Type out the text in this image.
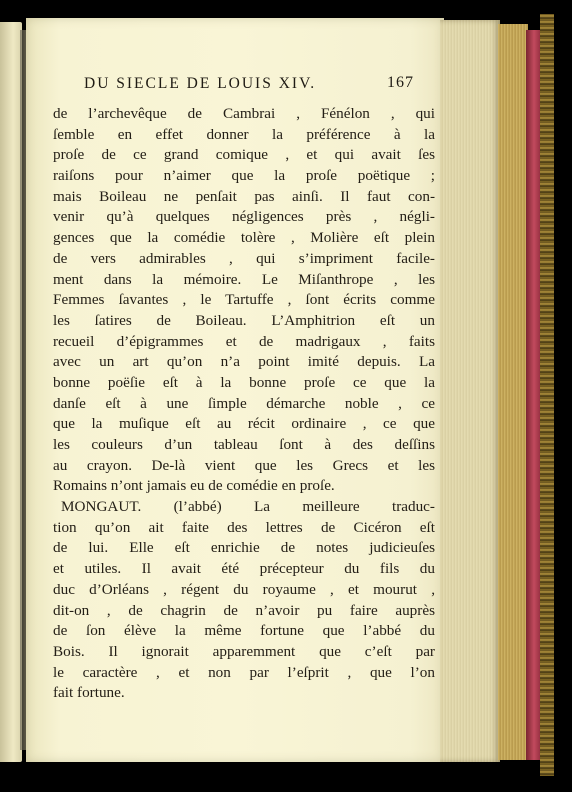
DU SIECLE DE LOUIS XIV.	167
de l’archevêque de Cambrai , Fénélon , qui
ſemble en effet donner la préférence à la
proſe de ce grand comique , et qui avait ſes
raiſons pour n’aimer que la proſe poëtique ;
mais Boileau ne penſait pas ainſi. Il faut con-
venir qu’à quelques négligences près , négli-
gences que la comédie tolère , Molière eſt plein
de vers admirables , qui s’impriment facile-
ment dans la mémoire. Le Miſanthrope , les
Femmes ſavantes , le Tartuffe , ſont écrits comme
les ſatires de Boileau. L’Amphitrion eſt un
recueil d’épigrammes et de madrigaux , faits
avec un art qu’on n’a point imité depuis. La
bonne poëſie eſt à la bonne proſe ce que la
danſe eſt à une ſimple démarche noble , ce
que la muſique eſt au récit ordinaire , ce que
les couleurs d’un tableau ſont à des deſſins
au crayon. De-là vient que les Grecs et les
Romains n’ont jamais eu de comédie en proſe.
MONGAUT. (l’abbé) La meilleure traduc-
tion qu’on ait faite des lettres de Cicéron eſt
de lui. Elle eſt enrichie de notes judicieuſes
et utiles. Il avait été précepteur du fils du
duc d’Orléans , régent du royaume , et mourut ,
dit-on , de chagrin de n’avoir pu faire auprès
de ſon élève la même fortune que l’abbé du
Bois. Il ignorait apparemment que c’eſt par
le caractère , et non par l’eſprit , que l’on
fait fortune.
